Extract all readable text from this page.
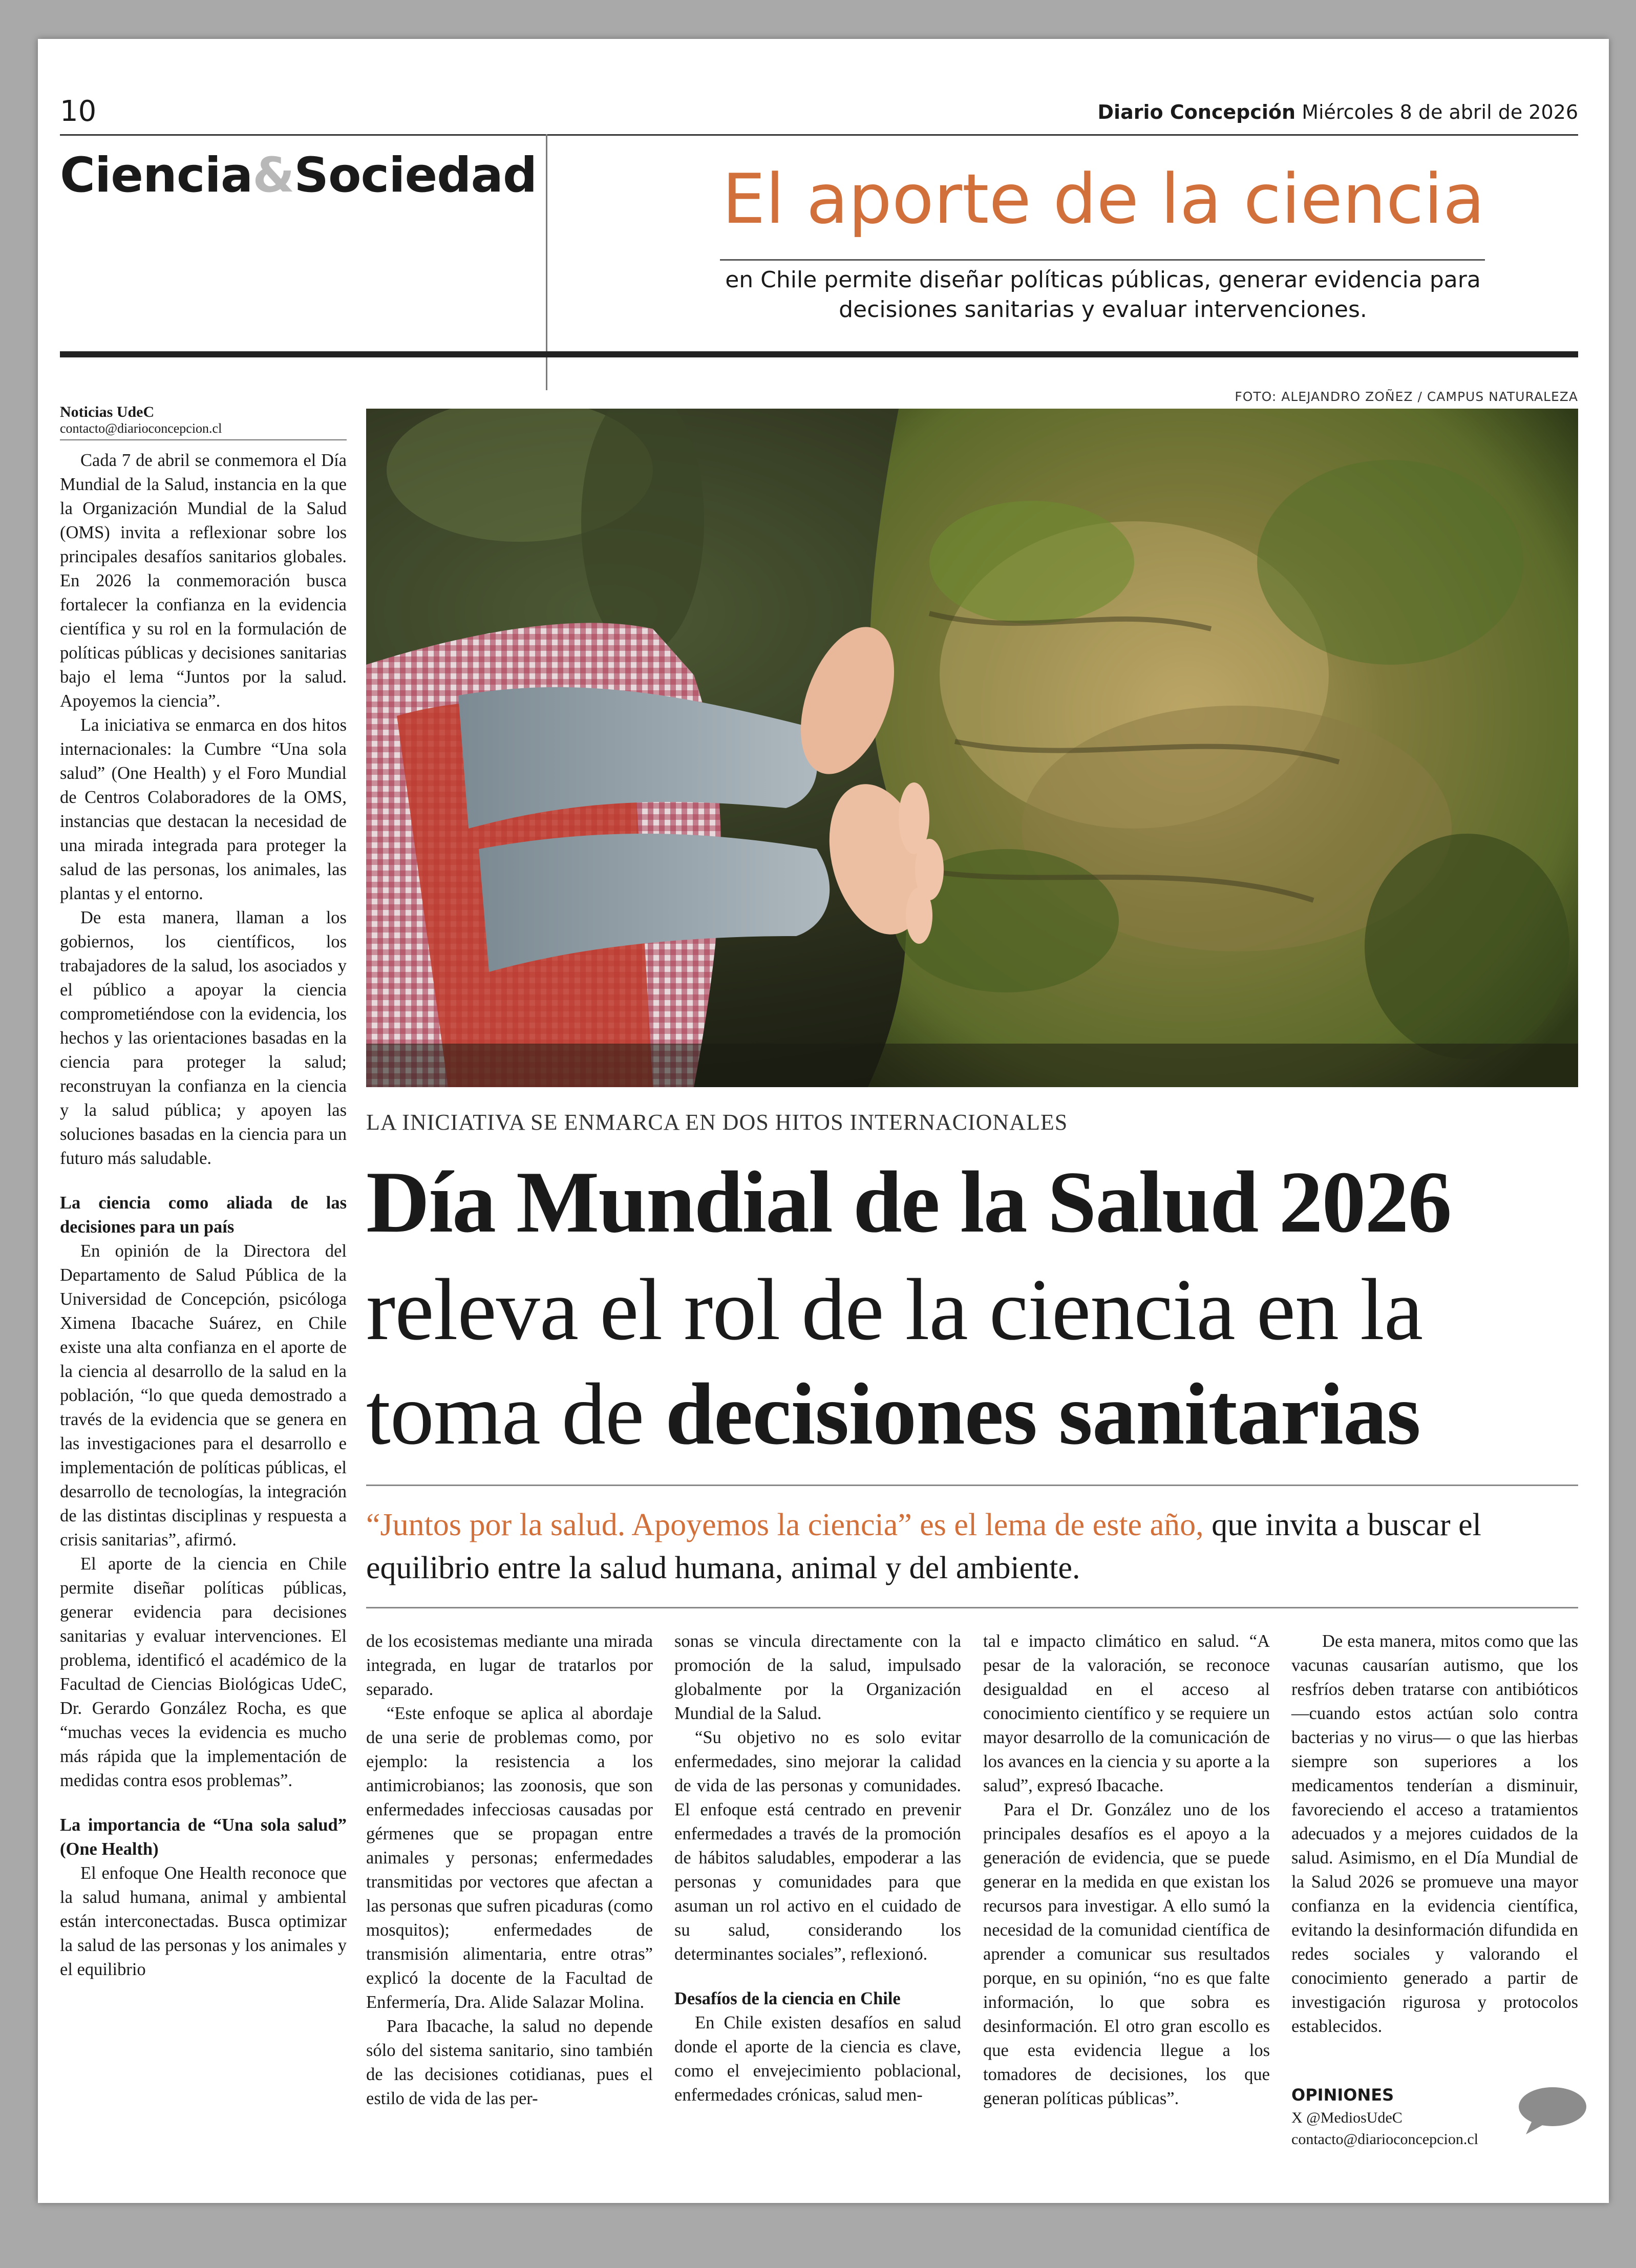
10	Diario Concepción Miércoles 8 de abril de 2026
Ciencia&Sociedad	El aporte de la ciencia
en Chile permite diseñar políticas públicas, generar evidencia para decisiones sanitarias y evaluar intervenciones.
FOTO: ALEJANDRO ZOÑEZ / CAMPUS NATURALEZA
Noticias UdeC
contacto@diarioconcepcion.cl

Cada 7 de abril se conmemora el Día Mundial de la Salud, instancia en la que la Organización Mundial de la Salud (OMS) invita a reflexionar sobre los principales desafíos sanitarios globales. En 2026 la conmemoración busca fortalecer la confianza en la evidencia científica y su rol en la formulación de políticas públicas y decisiones sanitarias bajo el lema “Juntos por la salud. Apoyemos la ciencia”.

La iniciativa se enmarca en dos hitos internacionales: la Cumbre “Una sola salud” (One Health) y el Foro Mundial de Centros Colaboradores de la OMS, instancias que destacan la necesidad de una mirada integrada para proteger la salud de las personas, los animales, las plantas y el entorno.

De esta manera, llaman a los gobiernos, los científicos, los trabajadores de la salud, los asociados y el público a apoyar la ciencia comprometiéndose con la evidencia, los hechos y las orientaciones basadas en la ciencia para proteger la salud; reconstruyan la confianza en la ciencia y la salud pública; y apoyen las soluciones basadas en la ciencia para un futuro más saludable.

La ciencia como aliada de las decisiones para un país

En opinión de la Directora del Departamento de Salud Pública de la Universidad de Concepción, psicóloga Ximena Ibacache Suárez, en Chile existe una alta confianza en el aporte de la ciencia al desarrollo de la salud en la población, “lo que queda demostrado a través de la evidencia que se genera en las investigaciones para el desarrollo e implementación de políticas públicas, el desarrollo de tecnologías, la integración de las distintas disciplinas y respuesta a crisis sanitarias”, afirmó.

El aporte de la ciencia en Chile permite diseñar políticas públicas, generar evidencia para decisiones sanitarias y evaluar intervenciones. El problema, identificó el académico de la Facultad de Ciencias Biológicas UdeC, Dr. Gerardo González Rocha, es que “muchas veces la evidencia es mucho más rápida que la implementación de medidas contra esos problemas”.

La importancia de “Una sola salud” (One Health)

El enfoque One Health reconoce que la salud humana, animal y ambiental están interconectadas. Busca optimizar la salud de las personas y los animales y el equilibrio

LA INICIATIVA SE ENMARCA EN DOS HITOS INTERNACIONALES
Día Mundial de la Salud 2026
releva el rol de la ciencia en la
toma de decisiones sanitarias
“Juntos por la salud. Apoyemos la ciencia” es el lema de este año, que invita a buscar el equilibrio entre la salud humana, animal y del ambiente.

de los ecosistemas mediante una mirada integrada, en lugar de tratarlos por separado.

“Este enfoque se aplica al abordaje de una serie de problemas como, por ejemplo: la resistencia a los antimicrobianos; las zoonosis, que son enfermedades infecciosas causadas por gérmenes que se propagan entre animales y personas; enfermedades transmitidas por vectores que afectan a las personas que sufren picaduras (como mosquitos); enfermedades de transmisión alimentaria, entre otras” explicó la docente de la Facultad de Enfermería, Dra. Alide Salazar Molina.

Para Ibacache, la salud no depende sólo del sistema sanitario, sino también de las decisiones cotidianas, pues el estilo de vida de las per-

sonas se vincula directamente con la promoción de la salud, impulsado globalmente por la Organización Mundial de la Salud.

“Su objetivo no es solo evitar enfermedades, sino mejorar la calidad de vida de las personas y comunidades. El enfoque está centrado en prevenir enfermedades a través de la promoción de hábitos saludables, empoderar a las personas y comunidades para que asuman un rol activo en el cuidado de su salud, considerando los determinantes sociales”, reflexionó.

Desafíos de la ciencia en Chile

En Chile existen desafíos en salud donde el aporte de la ciencia es clave, como el envejecimiento poblacional, enfermedades crónicas, salud men-

tal e impacto climático en salud. “A pesar de la valoración, se reconoce desigualdad en el acceso al conocimiento científico y se requiere un mayor desarrollo de la comunicación de los avances en la ciencia y su aporte a la salud”, expresó Ibacache.

Para el Dr. González uno de los principales desafíos es el apoyo a la generación de evidencia, que se puede generar en la medida en que existan los recursos para investigar. A ello sumó la necesidad de la comunidad científica de aprender a comunicar sus resultados porque, en su opinión, “no es que falte información, lo que sobra es desinformación. El otro gran escollo es que esta evidencia llegue a los tomadores de decisiones, los que generan políticas públicas”.

De esta manera, mitos como que las vacunas causarían autismo, que los resfríos deben tratarse con antibióticos —cuando estos actúan solo contra bacterias y no virus— o que las hierbas siempre son superiores a los medicamentos tenderían a disminuir, favoreciendo el acceso a tratamientos adecuados y a mejores cuidados de la salud. Asimismo, en el Día Mundial de la Salud 2026 se promueve una mayor confianza en la evidencia científica, evitando la desinformación difundida en redes sociales y valorando el conocimiento generado a partir de investigación rigurosa y protocolos establecidos.

OPINIONES
X @MediosUdeC
contacto@diarioconcepcion.cl
